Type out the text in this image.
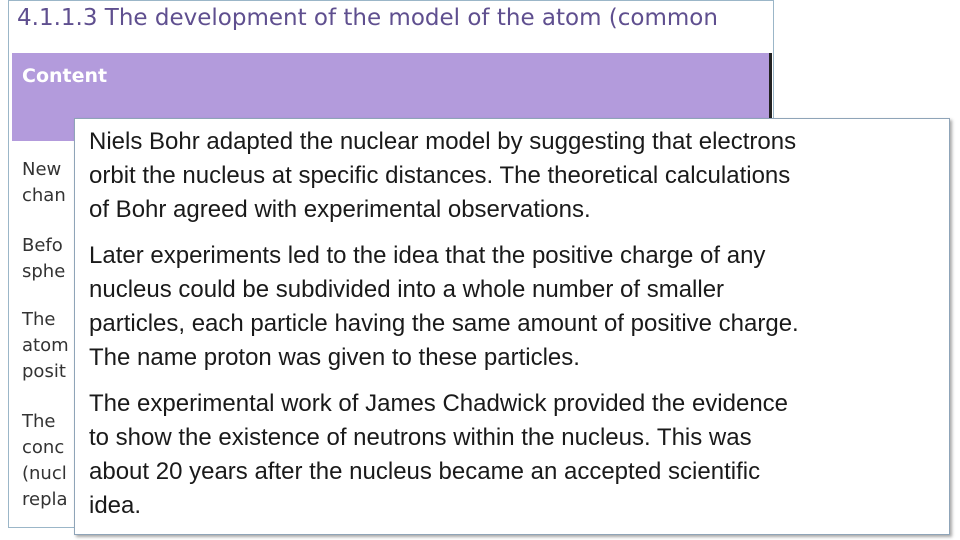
4.1.1.3 The development of the model of the atom (common
Content
New
chan
Befo
sphe
The
atom
posit
The
conc
(nucl
repla

Niels Bohr adapted the nuclear model by suggesting that electrons
orbit the nucleus at specific distances. The theoretical calculations
of Bohr agreed with experimental observations.

Later experiments led to the idea that the positive charge of any
nucleus could be subdivided into a whole number of smaller
particles, each particle having the same amount of positive charge.
The name proton was given to these particles.

The experimental work of James Chadwick provided the evidence
to show the existence of neutrons within the nucleus. This was
about 20 years after the nucleus became an accepted scientific
idea.
